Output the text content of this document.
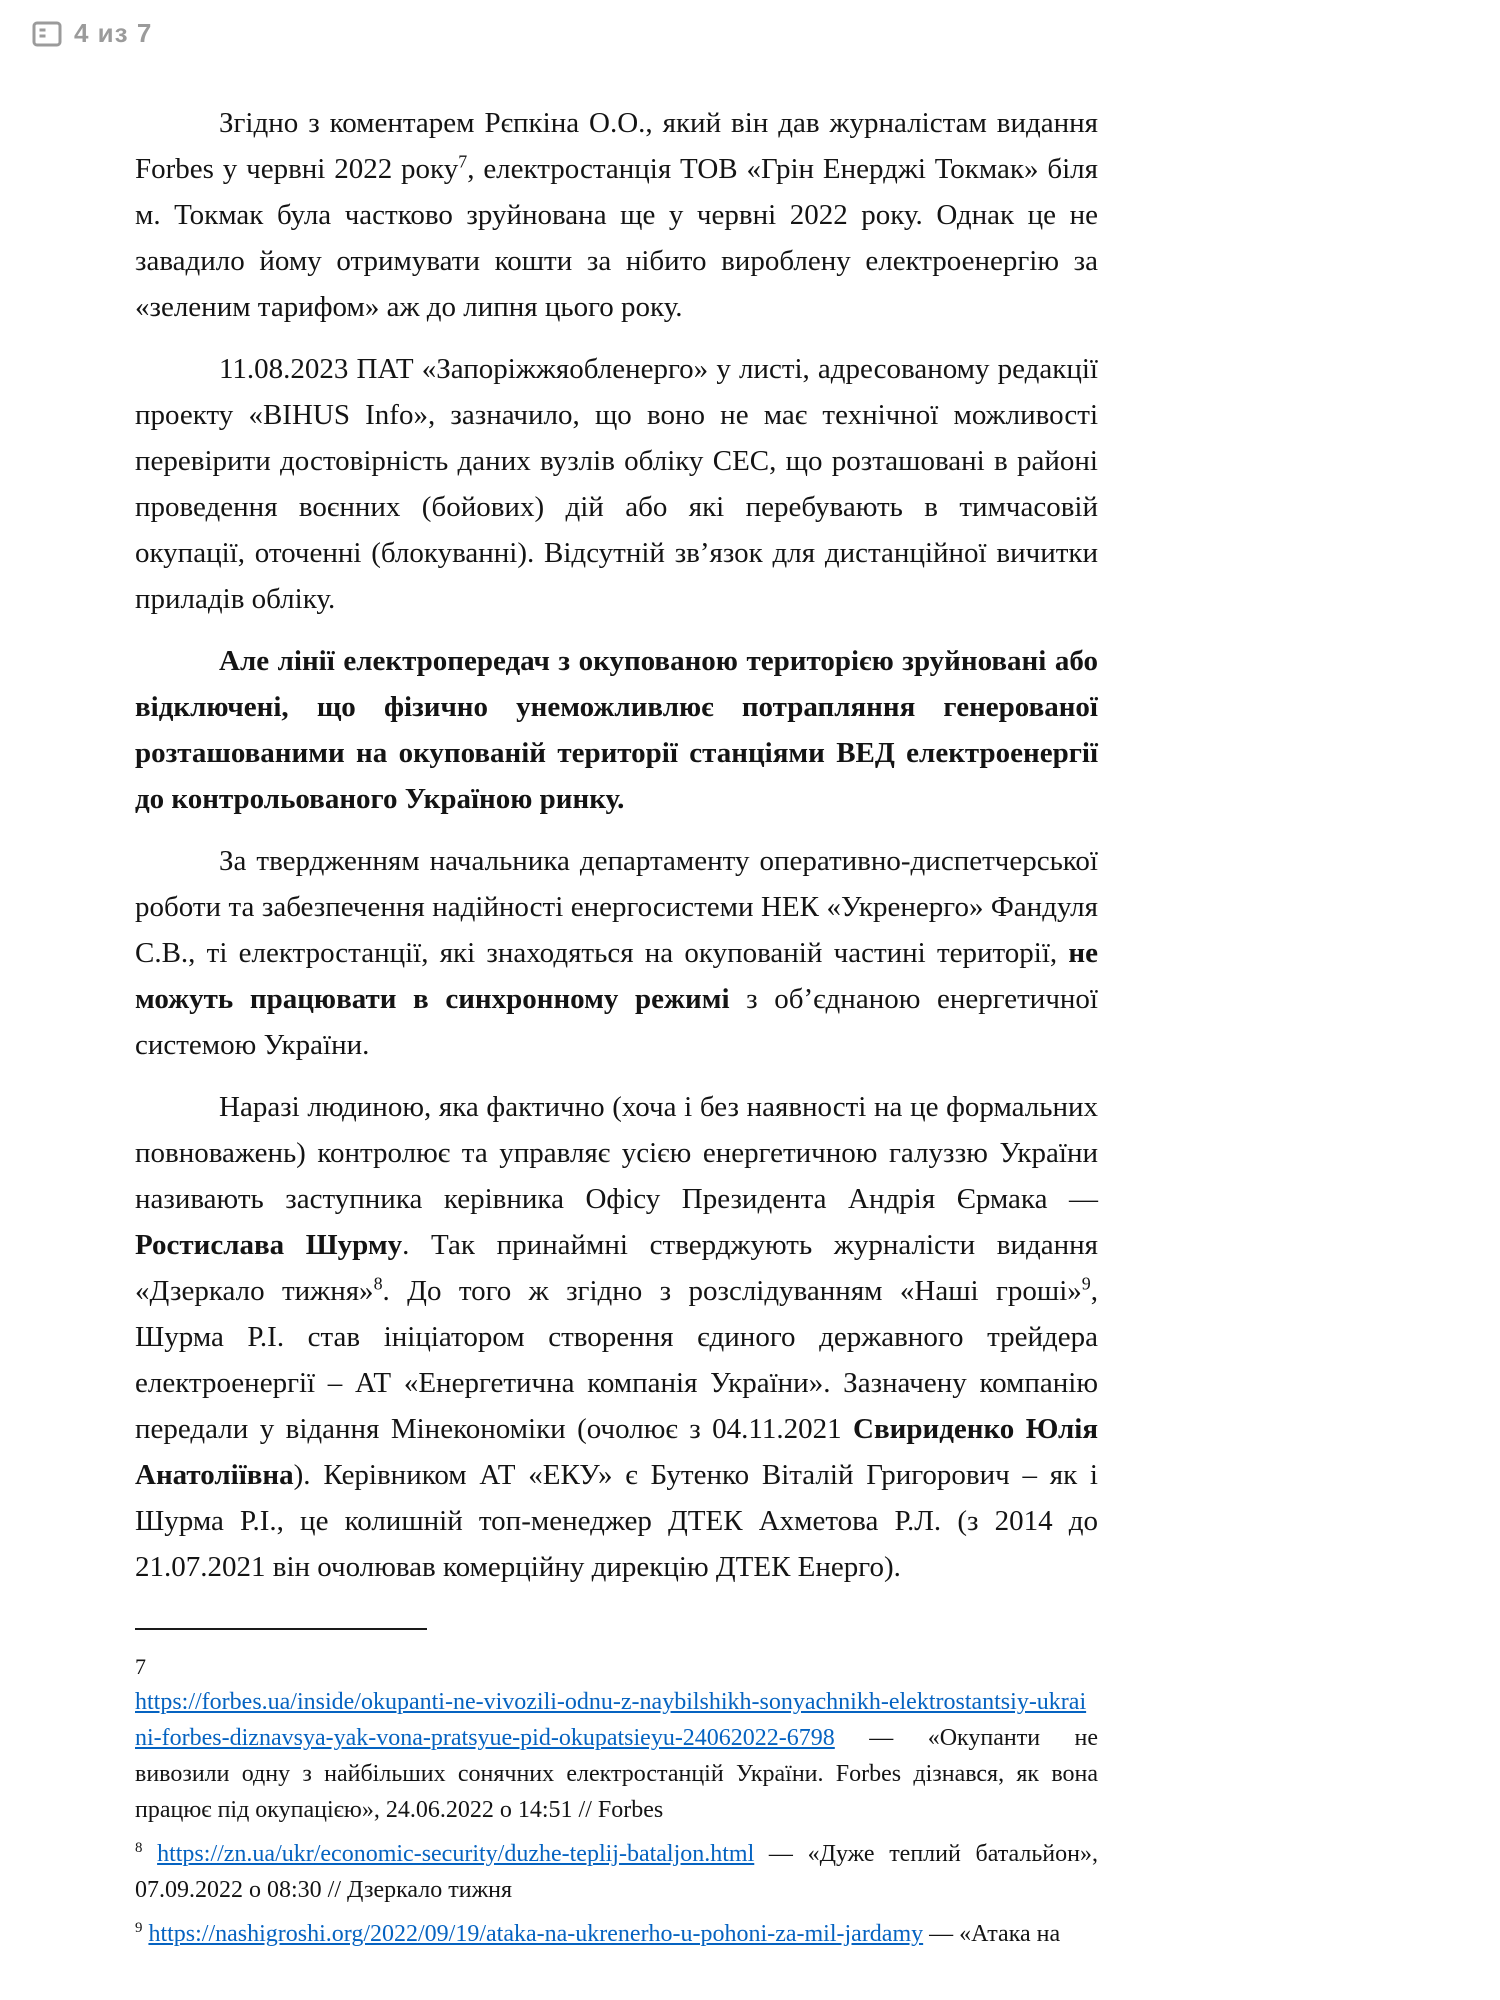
4 из 7

Згідно з коментарем Рєпкіна О.О., який він дав журналістам видання Forbes у червні 2022 року$^7$, електростанція ТОВ «Грін Енерджі Токмак» біля м. Токмак була частково зруйнована ще у червні 2022 року. Однак це не завадило йому отримувати кошти за нібито вироблену електроенергію за «зеленим тарифом» аж до липня цього року.

11.08.2023 ПАТ «Запоріжжяобленерго» у листі, адресованому редакції проекту «BIHUS Info», зазначило, що воно не має технічної можливості перевірити достовірність даних вузлів обліку СЕС, що розташовані в районі проведення воєнних (бойових) дій або які перебувають в тимчасовій окупації, оточенні (блокуванні). Відсутній зв’язок для дистанційної вичитки приладів обліку.

Але лінії електропередач з окупованою територією зруйновані або відключені, що фізично унеможливлює потрапляння генерованої розташованими на окупованій території станціями ВЕД електроенергії до контрольованого Україною ринку.

За твердженням начальника департаменту оперативно-диспетчерської роботи та забезпечення надійності енергосистеми НЕК «Укренерго» Фандуля С.В., ті електростанції, які знаходяться на окупованій частині території, не можуть працювати в синхронному режимі з об’єднаною енергетичної системою України.

Наразі людиною, яка фактично (хоча і без наявності на це формальних повноважень) контролює та управляє усією енергетичною галуззю України називають заступника керівника Офісу Президента Андрія Єрмака — Ростислава Шурму. Так принаймні стверджують журналісти видання «Дзеркало тижня»$^8$. До того ж згідно з розслідуванням «Наші гроші»$^9$, Шурма Р.І. став ініціатором створення єдиного державного трейдера електроенергії – АТ «Енергетична компанія України». Зазначену компанію передали у відання Мінекономіки (очолює з 04.11.2021 Свириденко Юлія Анатоліївна). Керівником АТ «ЕКУ» є Бутенко Віталій Григорович – як і Шурма Р.І., це колишній топ-менеджер ДТЕК Ахметова Р.Л. (з 2014 до 21.07.2021 він очолював комерційну дирекцію ДТЕК Енерго).

7
https://forbes.ua/inside/okupanti-ne-vivozili-odnu-z-naybilshikh-sonyachnikh-elektrostantsiy-ukraini-forbes-diznavsya-yak-vona-pratsyue-pid-okupatsieyu-24062022-6798 — «Окупанти не вивозили одну з найбільших сонячних електростанцій України. Forbes дізнався, як вона працює під окупацією», 24.06.2022 о 14:51 // Forbes
$^8$ https://zn.ua/ukr/economic-security/duzhe-teplij-bataljon.html — «Дуже теплий батальйон», 07.09.2022 о 08:30 // Дзеркало тижня
$^9$ https://nashigroshi.org/2022/09/19/ataka-na-ukrenerho-u-pohoni-za-mil-jardamy — «Атака на
